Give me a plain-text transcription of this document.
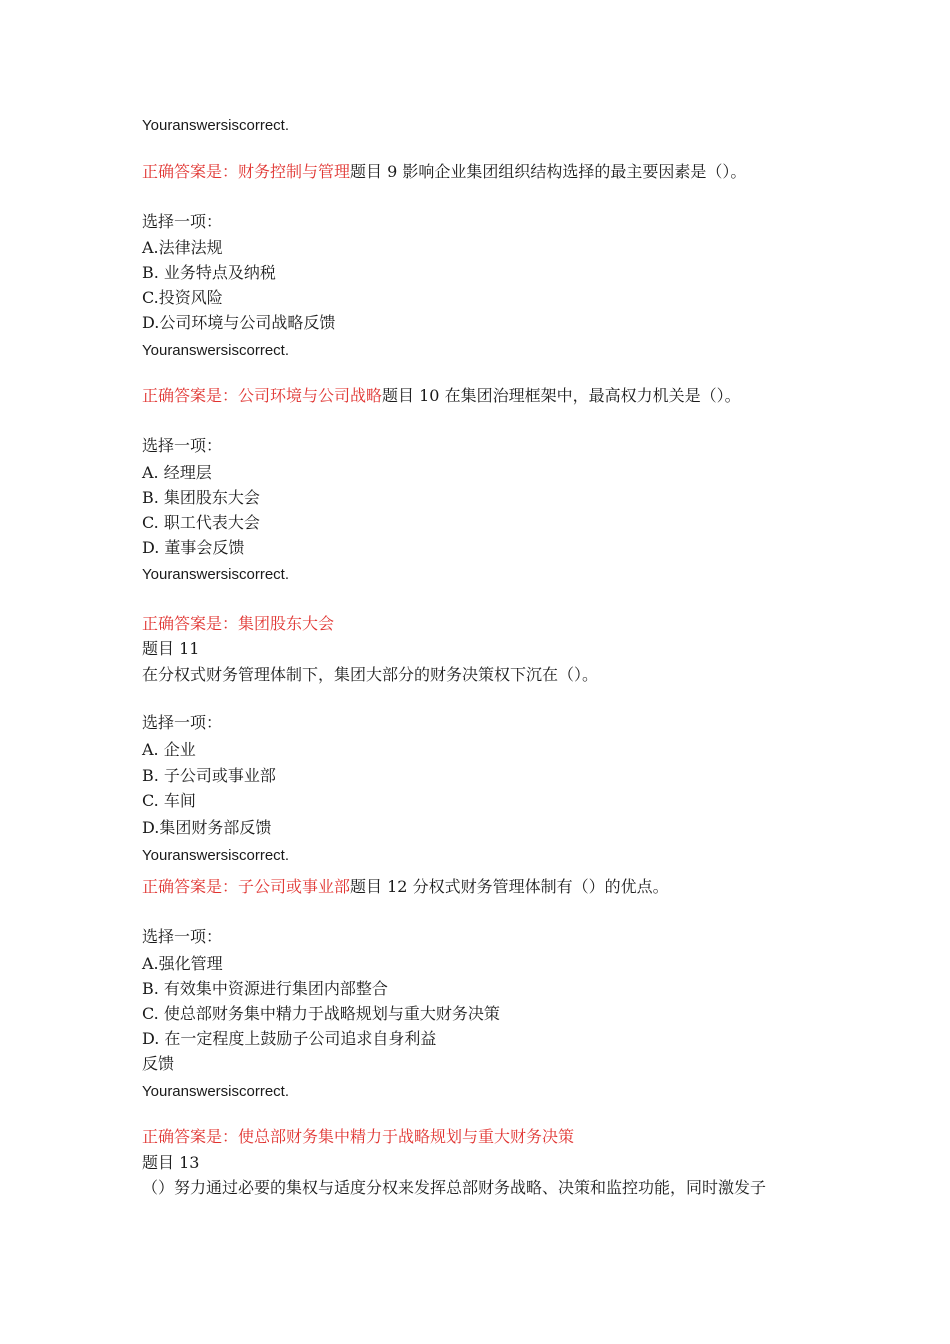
Youranswersiscorrect.
正确答案是：财务控制与管理题目 9 影响企业集团组织结构选择的最主要因素是（）。
选择一项：
A.法律法规
B. 业务特点及纳税
C.投资风险
D.公司环境与公司战略反馈
Youranswersiscorrect.
正确答案是：公司环境与公司战略题目 10 在集团治理框架中，最高权力机关是（）。
选择一项：
A. 经理层
B. 集团股东大会
C. 职工代表大会
D. 董事会反馈
Youranswersiscorrect.
正确答案是：集团股东大会
题目 11
在分权式财务管理体制下，集团大部分的财务决策权下沉在（）。
选择一项：
A. 企业
B. 子公司或事业部
C. 车间
D.集团财务部反馈
Youranswersiscorrect.
正确答案是：子公司或事业部题目 12 分权式财务管理体制有（）的优点。
选择一项：
A.强化管理
B. 有效集中资源进行集团内部整合
C. 使总部财务集中精力于战略规划与重大财务决策
D. 在一定程度上鼓励子公司追求自身利益
反馈
Youranswersiscorrect.
正确答案是：使总部财务集中精力于战略规划与重大财务决策
题目 13
（）努力通过必要的集权与适度分权来发挥总部财务战略、决策和监控功能，同时激发子
